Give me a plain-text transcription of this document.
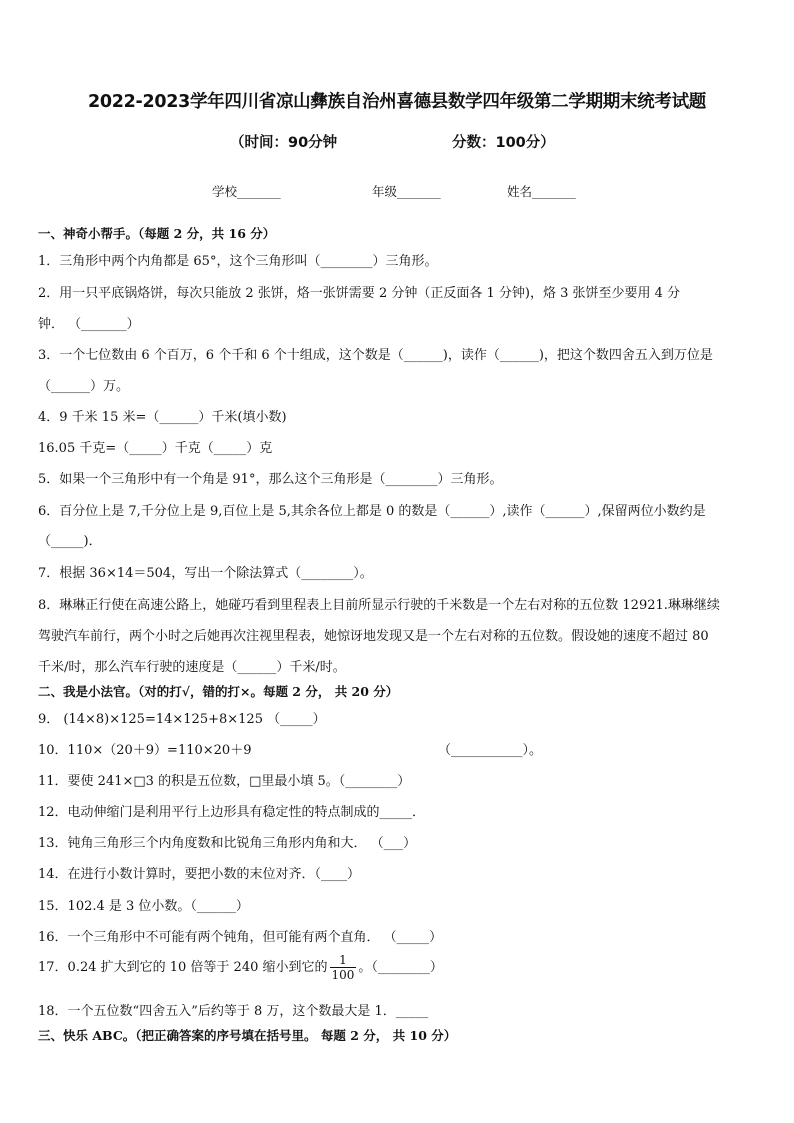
2022-2023学年四川省凉山彝族自治州喜德县数学四年级第二学期期末统考试题
（时间：90分钟	分数：100分）
学校_______	年级_______	姓名_______
一、神奇小帮手。（每题 2 分，共 16 分）
1．三角形中两个内角都是 65°，这个三角形叫（________）三角形。
2．用一只平底锅烙饼，每次只能放 2 张饼，烙一张饼需要 2 分钟（正反面各 1 分钟)，烙 3 张饼至少要用 4 分
钟． （_______）
3．一个七位数由 6 个百万，6 个千和 6 个十组成，这个数是（______)，读作（______)，把这个数四舍五入到万位是
（______）万。
4．9 千米 15 米=（______）千米(填小数)
16.05 千克=（_____）千克（_____）克
5．如果一个三角形中有一个角是 91°，那么这个三角形是（________）三角形。
6．百分位上是 7,千分位上是 9,百位上是 5,其余各位上都是 0 的数是（______）,读作（______）,保留两位小数约是
（_____)．
7．根据 36×14＝504，写出一个除法算式（________）。
8．琳琳正行使在高速公路上，她碰巧看到里程表上目前所显示行驶的千米数是一个左右对称的五位数 12921.琳琳继续
驾驶汽车前行，两个小时之后她再次注视里程表，她惊讶地发现又是一个左右对称的五位数。假设她的速度不超过 80
千米/时，那么汽车行驶的速度是（______）千米/时。
二、我是小法官。（对的打√，错的打×。每题 2 分， 共 20 分）
9． (14×8)×125=14×125+8×125 （_____）
10．110×（20＋9）=110×20＋9	（___________）。
11．要使 241×□3 的积是五位数，□里最小填 5。（________）
12．电动伸缩门是利用平行上边形具有稳定性的特点制成的_____．
13．钝角三角形三个内角度数和比锐角三角形内角和大． （___）
14．在进行小数计算时，要把小数的末位对齐．（____）
15．102.4 是 3 位小数。（______）
16．一个三角形中不可能有两个钝角，但可能有两个直角． （_____）
17．0.24 扩大到它的 10 倍等于 240 缩小到它的 $\frac{1}{100}$ 。（________）
18．一个五位数“四舍五入”后约等于 8 万，这个数最大是 1．_____
三、快乐 ABC。（把正确答案的序号填在括号里。 每题 2 分， 共 10 分）
